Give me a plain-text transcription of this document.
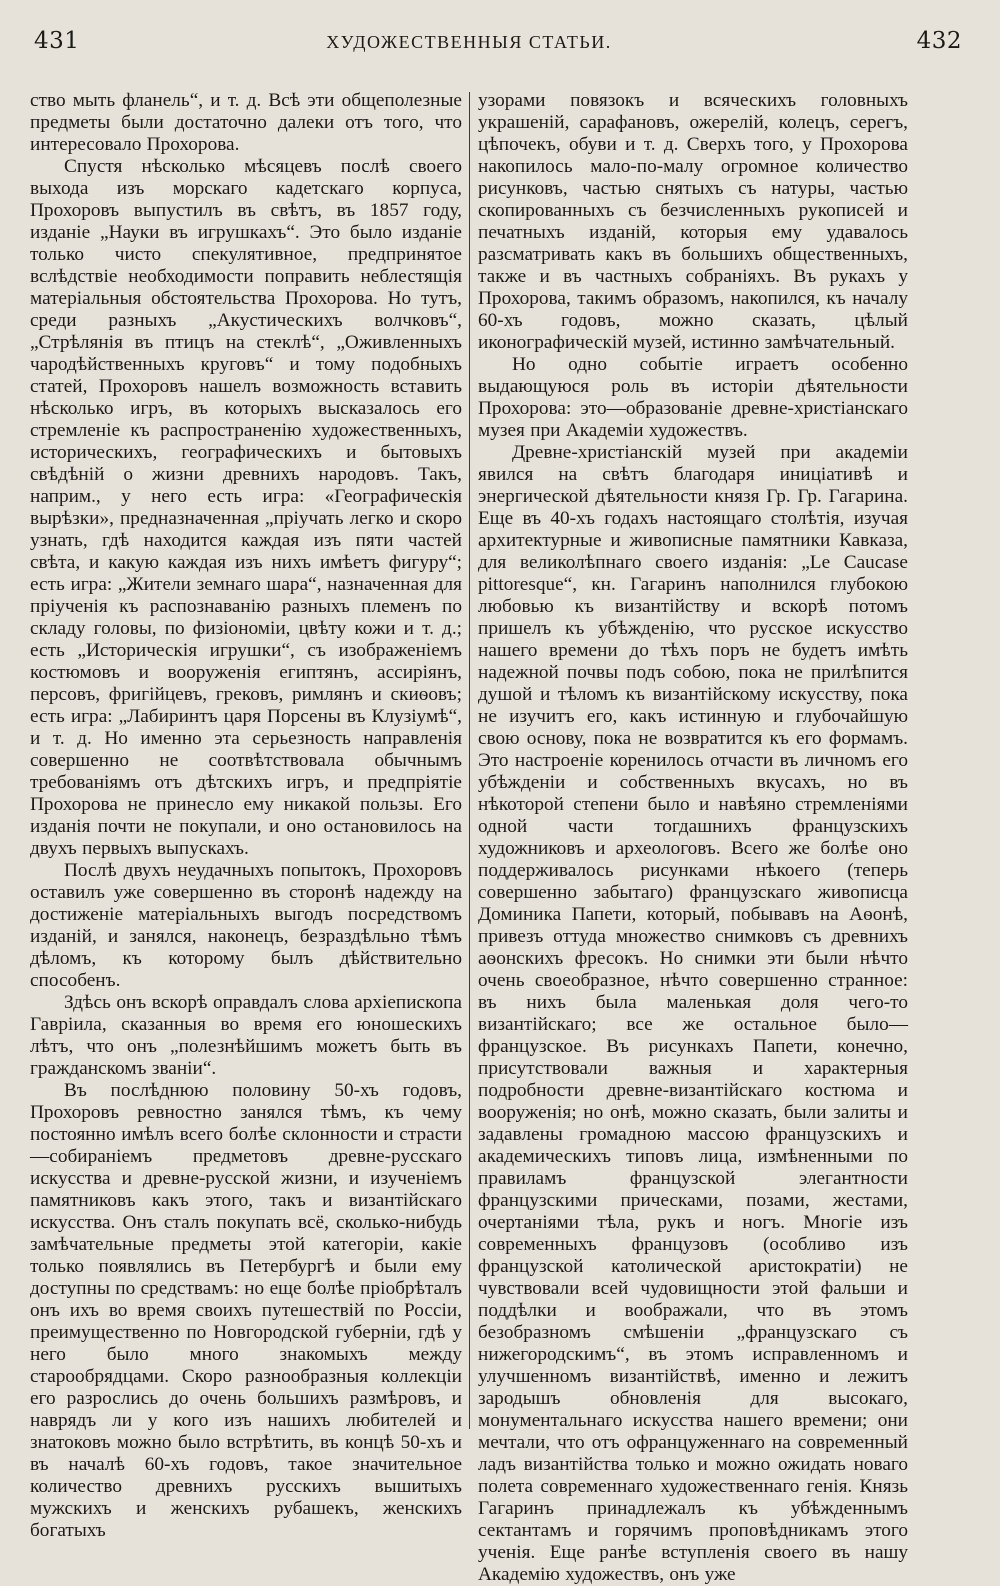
431	ХУДОЖЕСТВЕННЫЯ СТАТЬИ.	432

ство мыть фланель“, и т. д. Всѣ эти общеполезные предметы были достаточно далеки отъ того, что интересовало Прохорова.

Спустя нѣсколько мѣсяцевъ послѣ своего выхода изъ морскаго кадетскаго корпуса, Прохоровъ выпустилъ въ свѣтъ, въ 1857 году, изданіе „Науки въ игрушкахъ“. Это было изданіе только чисто спекулятивное, предпринятое вслѣдствіе необходимости поправить неблестящія матеріальныя обстоятельства Прохорова. Но тутъ, среди разныхъ „Акустическихъ волчковъ“, „Стрѣлянія въ птицъ на стеклѣ“, „Оживленныхъ чародѣйственныхъ круговъ“ и тому подобныхъ статей, Прохоровъ нашелъ возможность вставить нѣсколько игръ, въ которыхъ высказалось его стремленіе къ распространенію художественныхъ, историческихъ, географическихъ и бытовыхъ свѣдѣній о жизни древнихъ народовъ. Такъ, наприм., у него есть игра: «Географическія вырѣзки», предназначенная „пріучать легко и скоро узнать, гдѣ находится каждая изъ пяти частей свѣта, и какую каждая изъ нихъ имѣетъ фигуру“; есть игра: „Жители земнаго шара“, назначенная для пріученія къ распознаванію разныхъ племенъ по складу головы, по физіономіи, цвѣту кожи и т. д.; есть „Историческія игрушки“, съ изображеніемъ костюмовъ и вооруженія египтянъ, ассиріянъ, персовъ, фригійцевъ, грековъ, римлянъ и скиѳовъ; есть игра: „Лабиринтъ царя Порсены въ Клузіумѣ“, и т. д. Но именно эта серьезность направленія совершенно не соотвѣтствовала обычнымъ требованіямъ отъ дѣтскихъ игръ, и предпріятіе Прохорова не принесло ему никакой пользы. Его изданія почти не покупали, и оно остановилось на двухъ первыхъ выпускахъ.

Послѣ двухъ неудачныхъ попытокъ, Прохоровъ оставилъ уже совершенно въ сторонѣ надежду на достиженіе матеріальныхъ выгодъ посредствомъ изданій, и занялся, наконецъ, безраздѣльно тѣмъ дѣломъ, къ которому былъ дѣйствительно способенъ.

Здѣсь онъ вскорѣ оправдалъ слова архіепископа Гаврiила, сказанныя во время его юношескихъ лѣтъ, что онъ „полезнѣйшимъ можетъ быть въ гражданскомъ званіи“.

Въ послѣднюю половину 50-хъ годовъ, Прохоровъ ревностно занялся тѣмъ, къ чему постоянно имѣлъ всего болѣе склонности и страсти—собираніемъ предметовъ древне-русскаго искусства и древне-русской жизни, и изученіемъ памятниковъ какъ этого, такъ и византійскаго искусства. Онъ сталъ покупать всё, сколько-нибудь замѣчательные предметы этой категоріи, какіе только появлялись въ Петербургѣ и были ему доступны по средствамъ: но еще болѣе пріобрѣталъ онъ ихъ во время своихъ путешествій по Россіи, преимущественно по Новгородской губерніи, гдѣ у него было много знакомыхъ между старообрядцами. Скоро разнообразныя коллекціи его разрослись до очень большихъ размѣровъ, и наврядъ ли у кого изъ нашихъ любителей и знатоковъ можно было встрѣтить, въ концѣ 50-хъ и въ началѣ 60-хъ годовъ, такое значительное количество древнихъ русскихъ вышитыхъ мужскихъ и женскихъ рубашекъ, женскихъ богатыхъ

узорами повязокъ и всяческихъ головныхъ украшеній, сарафановъ, ожерелій, колецъ, серегъ, цѣпочекъ, обуви и т. д. Сверхъ того, у Прохорова накопилось мало-по-малу огромное количество рисунковъ, частью снятыхъ съ натуры, частью скопированныхъ съ безчисленныхъ рукописей и печатныхъ изданій, которыя ему удавалось разсматривать какъ въ большихъ общественныхъ, также и въ частныхъ собраніяхъ. Въ рукахъ у Прохорова, такимъ образомъ, накопился, къ началу 60-хъ годовъ, можно сказать, цѣлый иконографическій музей, истинно замѣчательный.

Но одно событіе играетъ особенно выдающуюся роль въ исторіи дѣятельности Прохорова: это—образованіе древне-христіанскаго музея при Академіи художествъ.

Древне-христіанскій музей при академіи явился на свѣтъ благодаря иниціативѣ и энергической дѣятельности князя Гр. Гр. Гагарина. Еще въ 40-хъ годахъ настоящаго столѣтія, изучая архитектурные и живописные памятники Кавказа, для великолѣпнаго своего изданія: „Le Caucase pittoresque“, кн. Гагаринъ наполнился глубокою любовью къ византійству и вскорѣ потомъ пришелъ къ убѣжденію, что русское искусство нашего времени до тѣхъ поръ не будетъ имѣть надежной почвы подъ собою, пока не прилѣпится душой и тѣломъ къ византійскому искусству, пока не изучитъ его, какъ истинную и глубочайшую свою основу, пока не возвратится къ его формамъ. Это настроеніе коренилось отчасти въ личномъ его убѣжденіи и собственныхъ вкусахъ, но въ нѣкоторой степени было и навѣяно стремленіями одной части тогдашнихъ французскихъ художниковъ и археологовъ. Всего же болѣе оно поддерживалось рисунками нѣкоего (теперь совершенно забытаго) французскаго живописца Доминика Папети, который, побывавъ на Аѳонѣ, привезъ оттуда множество снимковъ съ древнихъ аѳонскихъ фресокъ. Но снимки эти были нѣчто очень своеобразное, нѣчто совершенно странное: въ нихъ была маленькая доля чего-то византійскаго; все же остальное было—французское. Въ рисункахъ Папети, конечно, присутствовали важныя и характерныя подробности древне-византійскаго костюма и вооруженія; но онѣ, можно сказать, были залиты и задавлены громадною массою французскихъ и академическихъ типовъ лица, измѣненными по правиламъ французской элегантности французскими прическами, позами, жестами, очертаніями тѣла, рукъ и ногъ. Многіе изъ современныхъ французовъ (особливо изъ французской католической аристократіи) не чувствовали всей чудовищности этой фальши и поддѣлки и воображали, что въ этомъ безобразномъ смѣшеніи „французскаго съ нижегородскимъ“, въ этомъ исправленномъ и улучшенномъ византійствѣ, именно и лежитъ зародышъ обновленія для высокаго, монументальнаго искусства нашего времени; они мечтали, что отъ офранцуженнаго на современный ладъ византійства только и можно ожидать новаго полета современнаго художественнаго генія. Князь Гагаринъ принадлежалъ къ убѣжденнымъ сектантамъ и горячимъ проповѣдникамъ этого ученія. Еще ранѣе вступленія своего въ нашу Академію художествъ, онъ уже
